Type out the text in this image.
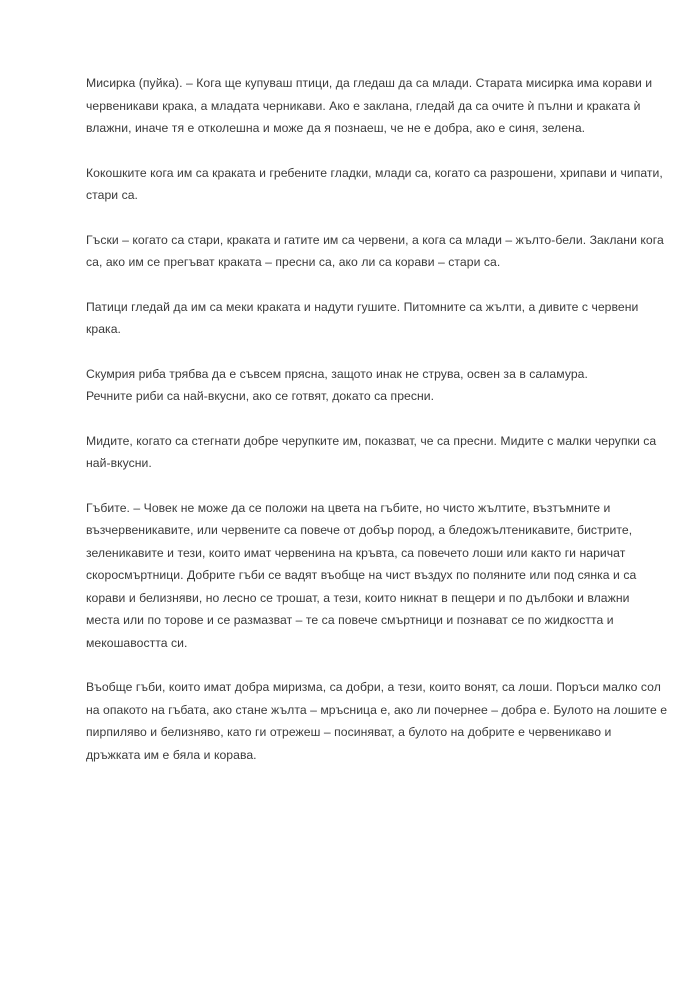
Мисирка (пуйка). – Кога ще купуваш птици, да гледаш да са млади. Старата мисирка има корави и
червеникави крака, а младата черникави. Ако е заклана, гледай да са очите ѝ пълни и краката ѝ
влажни, иначе тя е отколешна и може да я познаеш, че не е добра, ако е синя, зелена.

Кокошките кога им са краката и гребените гладки, млади са, когато са разрошени, хрипави и чипати,
стари са.

Гъски – когато са стари, краката и гатите им са червени, а кога са млади – жълто-бели. Заклани кога
са, ако им се прегъват краката – пресни са, ако ли са корави – стари са.

Патици гледай да им са меки краката и надути гушите. Питомните са жълти, а дивите с червени
крака.

Скумрия риба трябва да е съвсем прясна, защото инак не струва, освен за в саламура.
Речните риби са най-вкусни, ако се готвят, докато са пресни.

Мидите, когато са стегнати добре черупките им, показват, че са пресни. Мидите с малки черупки са
най-вкусни.

Гъбите. – Човек не може да се положи на цвета на гъбите, но чисто жълтите, възтъмните и
възчервеникавите, или червените са повече от добър пород, а бледожълтеникавите, бистрите,
зеленикавите и тези, които имат червенина на кръвта, са повечето лоши или както ги наричат
скоросмъртници. Добрите гъби се вадят въобще на чист въздух по поляните или под сянка и са
корави и белизняви, но лесно се трошат, а тези, които никнат в пещери и по дълбоки и влажни
места или по торове и се размазват – те са повече смъртници и познават се по жидкостта и
мекошавостта си.

Въобще гъби, които имат добра миризма, са добри, а тези, които вонят, са лоши. Поръси малко сол
на опакото на гъбата, ако стане жълта – мръсница е, ако ли почернее – добра е. Булото на лошите е
пирпиляво и белизняво, като ги отрежеш – посиняват, а булото на добрите е червеникаво и
дръжката им е бяла и корава.
